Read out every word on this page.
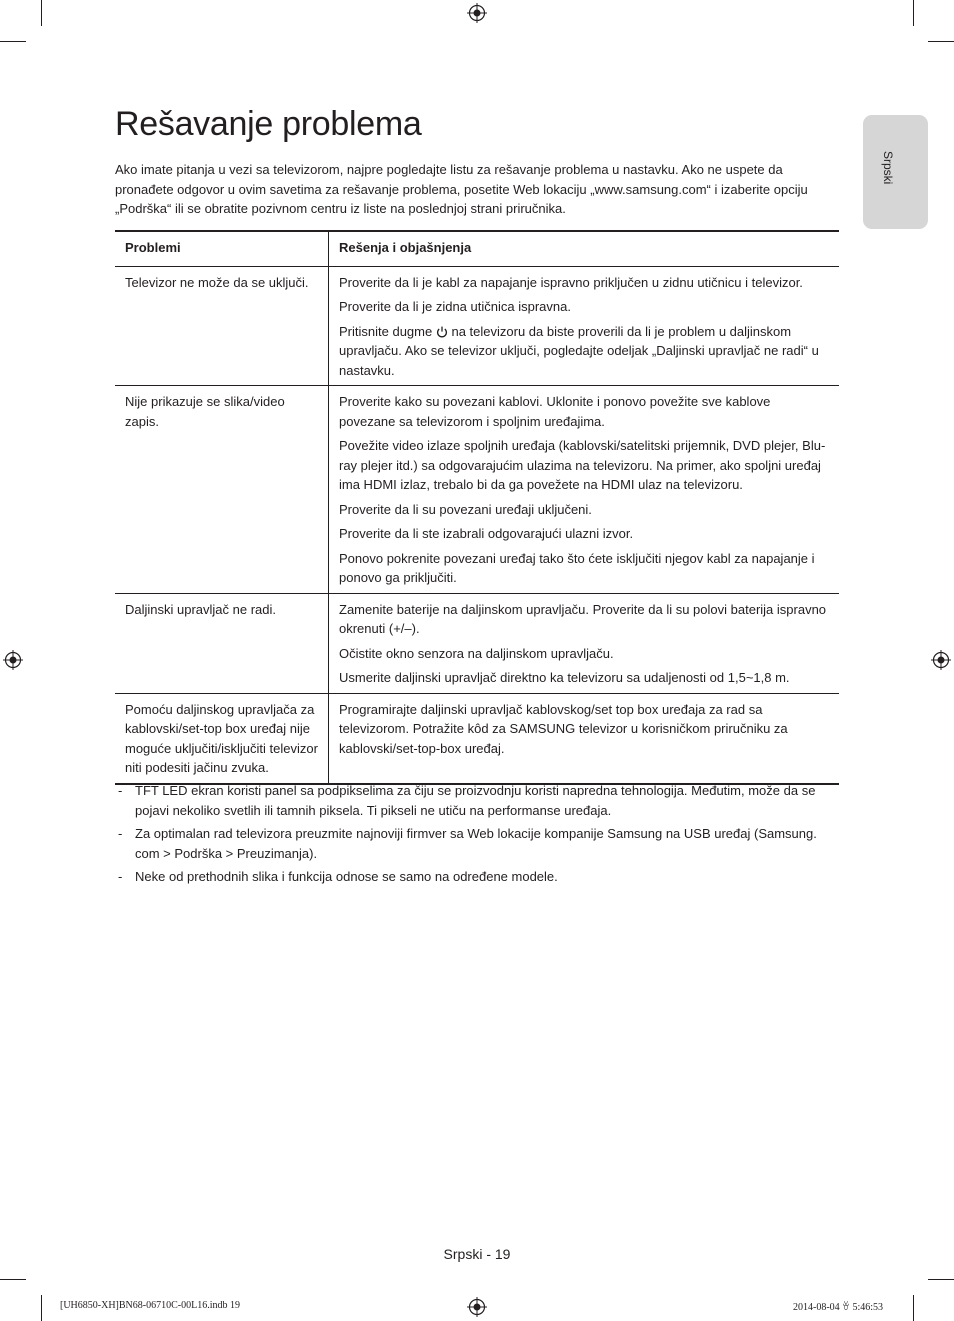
Srpski
Rešavanje problema

Ako imate pitanja u vezi sa televizorom, najpre pogledajte listu za rešavanje problema u nastavku. Ako ne uspete da pronađete odgovor u ovim savetima za rešavanje problema, posetite Web lokaciju „www.samsung.com“ i izaberite opciju „Podrška“ ili se obratite pozivnom centru iz liste na poslednjoj strani priručnika.

Problemi	Rešenja i objašnjenja
Televizor ne može da se uključi.	Proverite da li je kabl za napajanje ispravno priključen u zidnu utičnicu i televizor.

Proverite da li je zidna utičnica ispravna.

Pritisnite dugme na televizoru da biste proverili da li je problem u daljinskom upravljaču. Ako se televizor uključi, pogledajte odeljak „Daljinski upravljač ne radi“ u nastavku.

Nije prikazuje se slika/video zapis.	Proverite kako su povezani kablovi. Uklonite i ponovo povežite sve kablove povezane sa televizorom i spoljnim uređajima.

Povežite video izlaze spoljnih uređaja (kablovski/satelitski prijemnik, DVD plejer, Blu-ray plejer itd.) sa odgovarajućim ulazima na televizoru. Na primer, ako spoljni uređaj ima HDMI izlaz, trebalo bi da ga povežete na HDMI ulaz na televizoru.

Proverite da li su povezani uređaji uključeni.

Proverite da li ste izabrali odgovarajući ulazni izvor.

Ponovo pokrenite povezani uređaj tako što ćete isključiti njegov kabl za napajanje i ponovo ga priključiti.

Daljinski upravljač ne radi.	Zamenite baterije na daljinskom upravljaču. Proverite da li su polovi baterija ispravno okrenuti (+/–).

Očistite okno senzora na daljinskom upravljaču.

Usmerite daljinski upravljač direktno ka televizoru sa udaljenosti od 1,5~1,8 m.

Pomoću daljinskog upravljača za kablovski/set-top box uređaj nije moguće uključiti/isključiti televizor niti podesiti jačinu zvuka.	Programirajte daljinski upravljač kablovskog/set top box uređaja za rad sa televizorom. Potražite kôd za SAMSUNG televizor u korisničkom priručniku za kablovski/set-top-box uređaj.

- TFT LED ekran koristi panel sa podpikselima za čiju se proizvodnju koristi napredna tehnologija. Međutim, može da se pojavi nekoliko svetlih ili tamnih piksela. Ti pikseli ne utiču na performanse uređaja.
- Za optimalan rad televizora preuzmite najnoviji firmver sa Web lokacije kompanije Samsung na USB uređaj (Samsung. com > Podrška > Preuzimanja).
- Neke od prethodnih slika i funkcija odnose se samo na određene modele.
Srpski - 19
[UH6850-XH]BN68-06710C-00L16.indb 19	2014-08-04 ꈊ 5:46:53
